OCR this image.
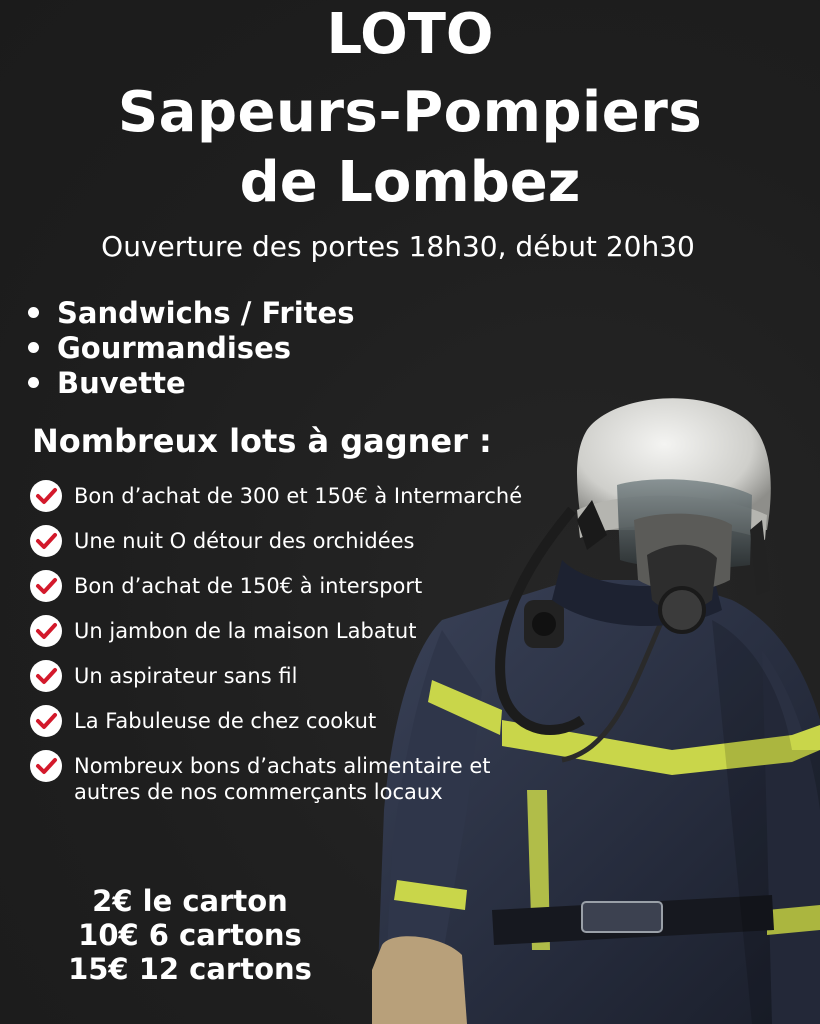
LOTO
Sapeurs-Pompiers
de Lombez
Ouverture des portes 18h30, début 20h30
Sandwichs / Frites
Gourmandises
Buvette
Nombreux lots à gagner :
Bon d’achat de 300 et 150€ à Intermarché
Une nuit O détour des orchidées
Bon d’achat de 150€ à intersport
Un jambon de la maison Labatut
Un aspirateur sans fil
La Fabuleuse de chez cookut
Nombreux bons d’achats alimentaire et
autres de nos commerçants locaux
2€ le carton
10€ 6 cartons
15€ 12 cartons
